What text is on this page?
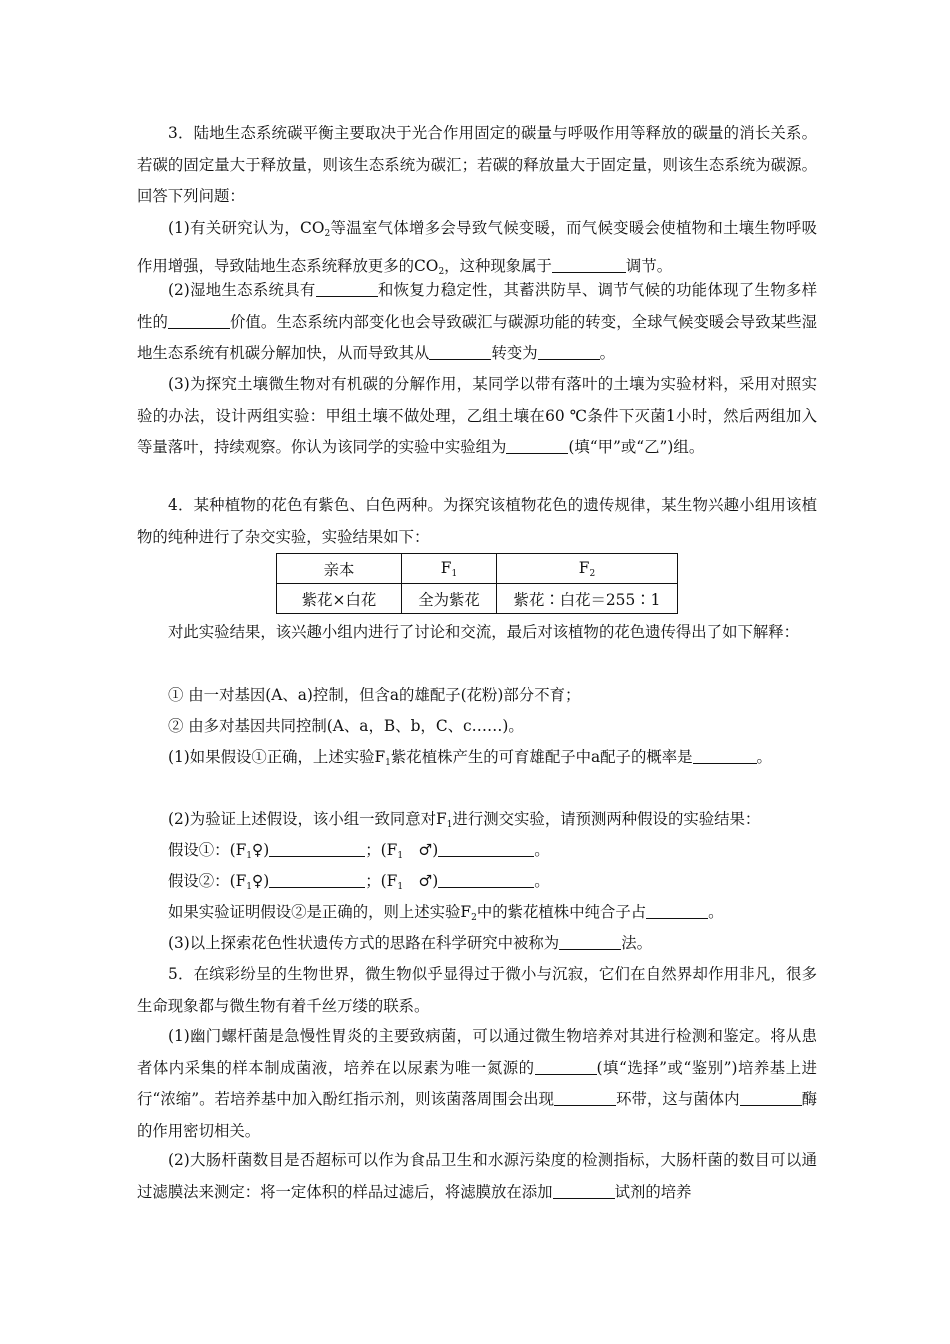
3．陆地生态系统碳平衡主要取决于光合作用固定的碳量与呼吸作用等释放的碳量的消长关系。若碳的固定量大于释放量，则该生态系统为碳汇；若碳的释放量大于固定量，则该生态系统为碳源。回答下列问题：

(1)有关研究认为，$CO_2$等温室气体增多会导致气候变暖，而气候变暖会使植物和土壤生物呼吸作用增强，导致陆地生态系统释放更多的$CO_2$，这种现象属于	调节。

(2)湿地生态系统具有	和恢复力稳定性，其蓄洪防旱、调节气候的功能体现了生物多样性的	价值。生态系统内部变化也会导致碳汇与碳源功能的转变，全球气候变暖会导致某些湿地生态系统有机碳分解加快，从而导致其从	转变为	。

(3)为探究土壤微生物对有机碳的分解作用，某同学以带有落叶的土壤为实验材料，采用对照实验的办法，设计两组实验：甲组土壤不做处理，乙组土壤在60 ℃条件下灭菌1小时，然后两组加入等量落叶，持续观察。你认为该同学的实验中实验组为	(填“甲”或“乙”)组。

4．某种植物的花色有紫色、白色两种。为探究该植物花色的遗传规律，某生物兴趣小组用该植物的纯种进行了杂交实验，实验结果如下：

亲本	$F_1$	$F_2$
紫花×白花	全为紫花	紫花∶白花＝255∶1

对此实验结果，该兴趣小组内进行了讨论和交流，最后对该植物的花色遗传得出了如下解释：

① 由一对基因(A、a)控制，但含a的雄配子(花粉)部分不育；

② 由多对基因共同控制(A、a，B、b，C、c……)。

(1)如果假设①正确，上述实验$F_1$紫花植株产生的可育雄配子中a配子的概率是	。

(2)为验证上述假设，该小组一致同意对$F_1$进行测交实验，请预测两种假设的实验结果：

假设①：$(F_1♀)$	；($F_1$　♂)	。

假设②：$(F_1♀)$	；($F_1$　♂)	。

如果实验证明假设②是正确的，则上述实验$F_2$中的紫花植株中纯合子占	。

(3)以上探索花色性状遗传方式的思路在科学研究中被称为	法。

5．在缤彩纷呈的生物世界，微生物似乎显得过于微小与沉寂，它们在自然界却作用非凡，很多生命现象都与微生物有着千丝万缕的联系。

(1)幽门螺杆菌是急慢性胃炎的主要致病菌，可以通过微生物培养对其进行检测和鉴定。将从患者体内采集的样本制成菌液，培养在以尿素为唯一氮源的	(填“选择”或“鉴别”)培养基上进行“浓缩”。若培养基中加入酚红指示剂，则该菌落周围会出现	环带，这与菌体内	酶的作用密切相关。

(2)大肠杆菌数目是否超标可以作为食品卫生和水源污染度的检测指标，大肠杆菌的数目可以通过滤膜法来测定：将一定体积的样品过滤后，将滤膜放在添加	试剂的培养
